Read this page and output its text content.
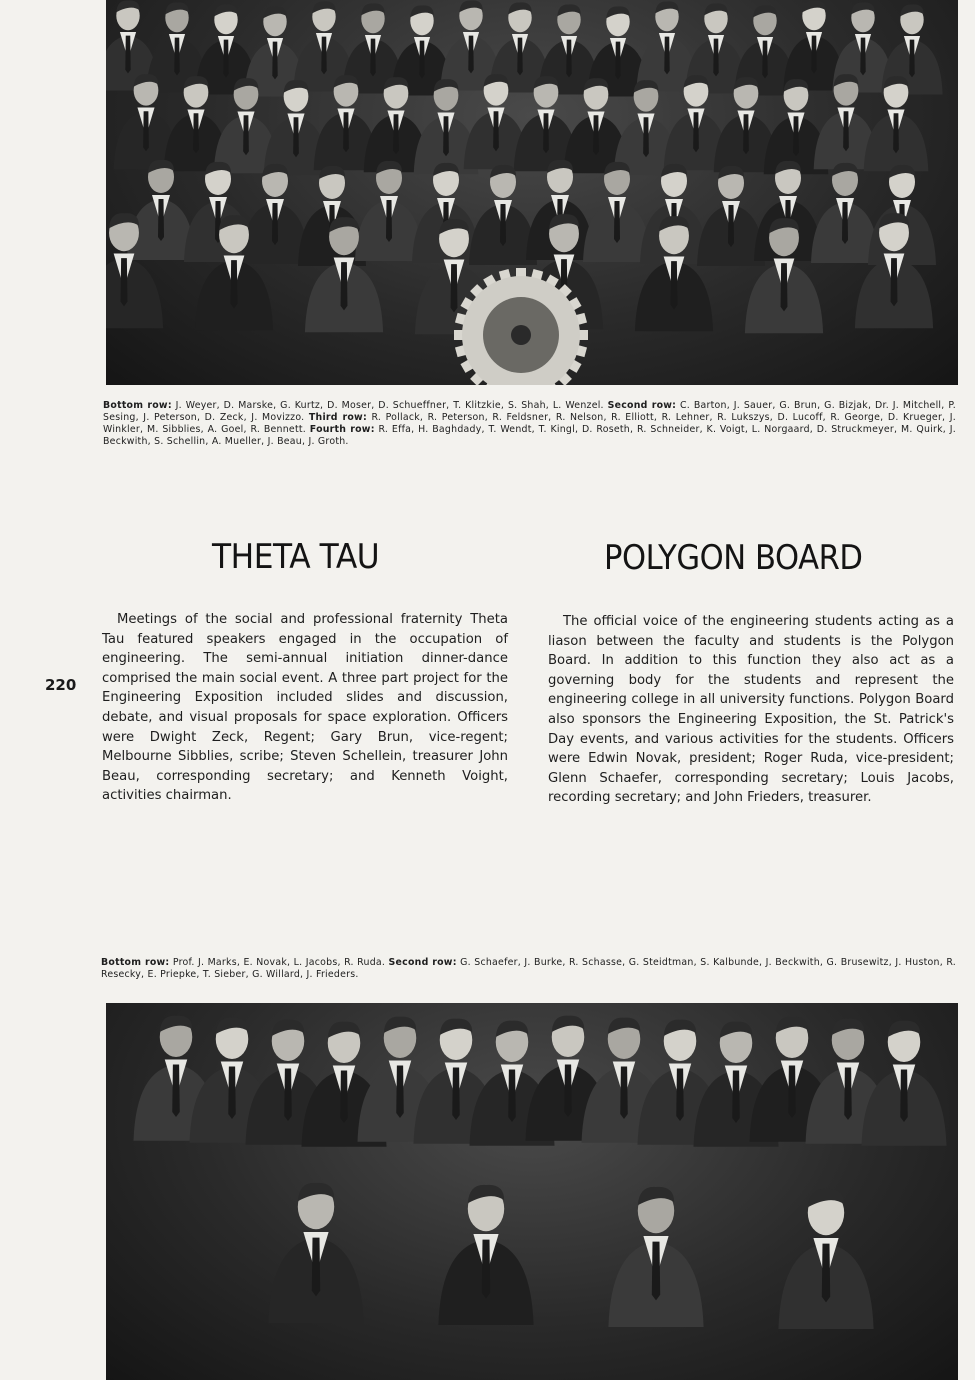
Bottom row: J. Weyer, D. Marske, G. Kurtz, D. Moser, D. Schueffner, T. Klitzkie, S. Shah, L. Wenzel. Second row: C. Barton, J. Sauer, G. Brun, G. Bizjak, Dr. J. Mitchell, P. Sesing, J. Peterson, D. Zeck, J. Movizzo. Third row: R. Pollack, R. Peterson, R. Feldsner, R. Nelson, R. Elliott, R. Lehner, R. Lukszys, D. Lucoff, R. George, D. Krueger, J. Winkler, M. Sibblies, A. Goel, R. Bennett. Fourth row: R. Effa, H. Baghdady, T. Wendt, T. Kingl, D. Roseth, R. Schneider, K. Voigt, L. Norgaard, D. Struckmeyer, M. Quirk, J. Beckwith, S. Schellin, A. Mueller, J. Beau, J. Groth.
THETA TAU	POLYGON BOARD
220

Meetings of the social and professional fraternity Theta Tau featured speakers engaged in the occupation of engineering. The semi-annual initiation dinner-dance comprised the main social event. A three part project for the Engineering Exposition included slides and discussion, debate, and visual proposals for space exploration. Officers were Dwight Zeck, Regent; Gary Brun, vice-regent; Melbourne Sibblies, scribe; Steven Schellein, treasurer John Beau, corresponding secretary; and Kenneth Voight, activities chairman.

The official voice of the engineering students acting as a liason between the faculty and students is the Polygon Board. In addition to this function they also act as a governing body for the students and represent the engineering college in all university functions. Polygon Board also sponsors the Engineering Exposition, the St. Patrick's Day events, and various activities for the students. Officers were Edwin Novak, president; Roger Ruda, vice-president; Glenn Schaefer, corresponding secretary; Louis Jacobs, recording secretary; and John Frieders, treasurer.

Bottom row: Prof. J. Marks, E. Novak, L. Jacobs, R. Ruda. Second row: G. Schaefer, J. Burke, R. Schasse, G. Steidtman, S. Kalbunde, J. Beckwith, G. Brusewitz, J. Huston, R. Resecky, E. Priepke, T. Sieber, G. Willard, J. Frieders.
